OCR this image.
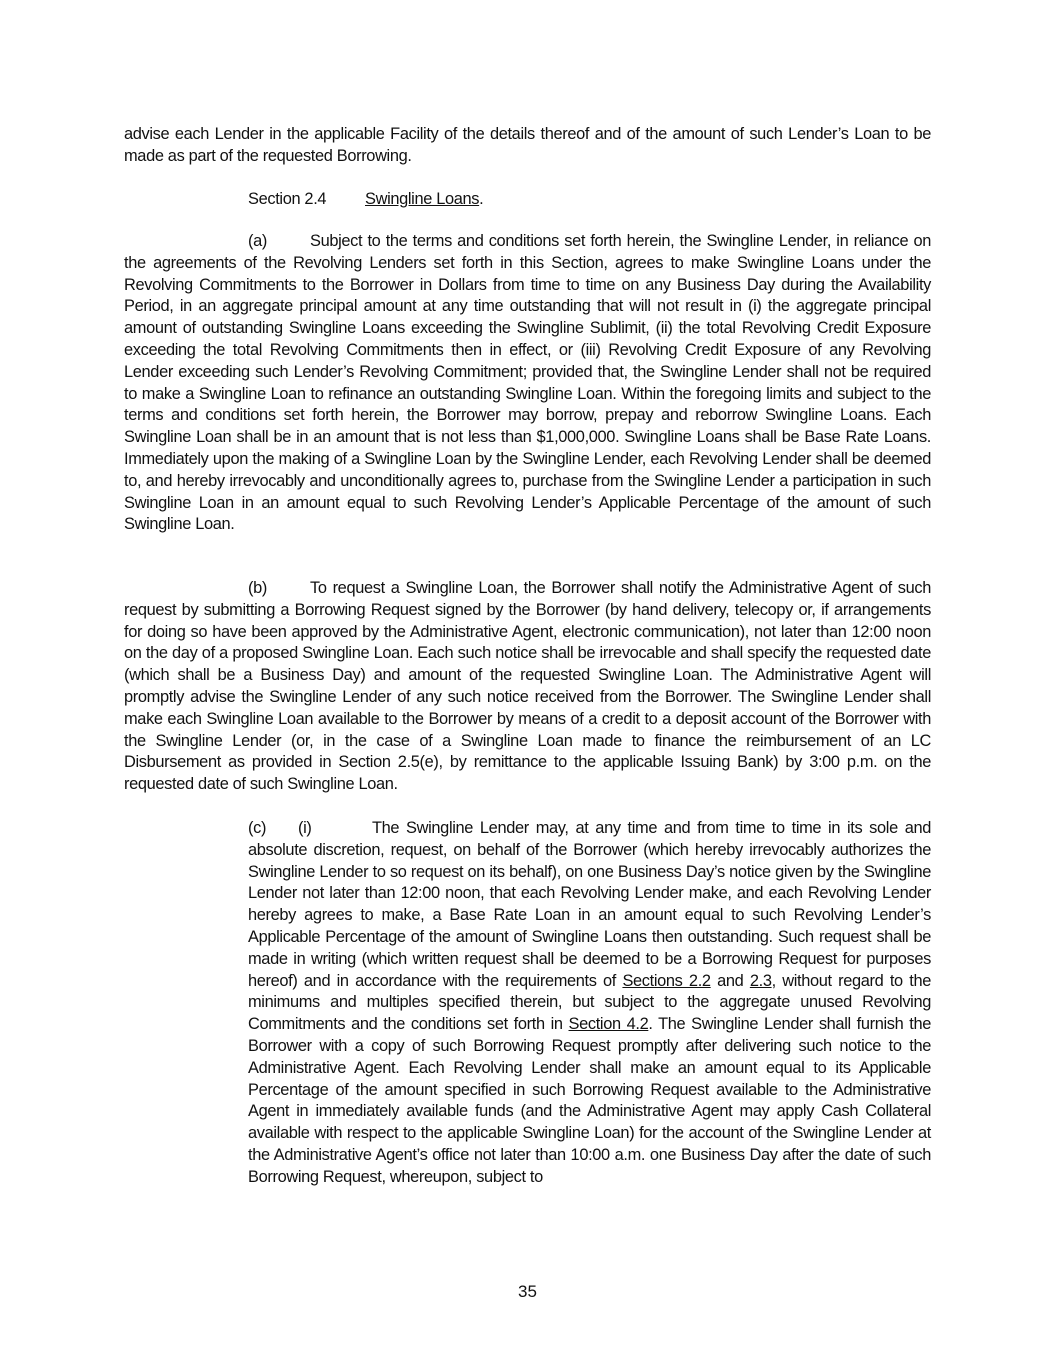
advise each Lender in the applicable Facility of the details thereof and of the amount of such Lender’s Loan to be made as part of the requested Borrowing.

Section 2.4 Swingline Loans.

(a)	Subject to the terms and conditions set forth herein, the Swingline Lender, in reliance on the agreements of the Revolving Lenders set forth in this Section, agrees to make Swingline Loans under the Revolving Commitments to the Borrower in Dollars from time to time on any Business Day during the Availability Period, in an aggregate principal amount at any time outstanding that will not result in (i) the aggregate principal amount of outstanding Swingline Loans exceeding the Swingline Sublimit, (ii) the total Revolving Credit Exposure exceeding the total Revolving Commitments then in effect, or (iii) Revolving Credit Exposure of any Revolving Lender exceeding such Lender’s Revolving Commitment; provided that, the Swingline Lender shall not be required to make a Swingline Loan to refinance an outstanding Swingline Loan. Within the foregoing limits and subject to the terms and conditions set forth herein, the Borrower may borrow, prepay and reborrow Swingline Loans. Each Swingline Loan shall be in an amount that is not less than $1,000,000. Swingline Loans shall be Base Rate Loans. Immediately upon the making of a Swingline Loan by the Swingline Lender, each Revolving Lender shall be deemed to, and hereby irrevocably and unconditionally agrees to, purchase from the Swingline Lender a participation in such Swingline Loan in an amount equal to such Revolving Lender’s Applicable Percentage of the amount of such Swingline Loan.

(b)	To request a Swingline Loan, the Borrower shall notify the Administrative Agent of such request by submitting a Borrowing Request signed by the Borrower (by hand delivery, telecopy or, if arrangements for doing so have been approved by the Administrative Agent, electronic communication), not later than 12:00 noon on the day of a proposed Swingline Loan. Each such notice shall be irrevocable and shall specify the requested date (which shall be a Business Day) and amount of the requested Swingline Loan. The Administrative Agent will promptly advise the Swingline Lender of any such notice received from the Borrower. The Swingline Lender shall make each Swingline Loan available to the Borrower by means of a credit to a deposit account of the Borrower with the Swingline Lender (or, in the case of a Swingline Loan made to finance the reimbursement of an LC Disbursement as provided in Section 2.5(e), by remittance to the applicable Issuing Bank) by 3:00 p.m. on the requested date of such Swingline Loan.

(c) (i)	The Swingline Lender may, at any time and from time to time in its sole and absolute discretion, request, on behalf of the Borrower (which hereby irrevocably authorizes the Swingline Lender to so request on its behalf), on one Business Day’s notice given by the Swingline Lender not later than 12:00 noon, that each Revolving Lender make, and each Revolving Lender hereby agrees to make, a Base Rate Loan in an amount equal to such Revolving Lender’s Applicable Percentage of the amount of Swingline Loans then outstanding. Such request shall be made in writing (which written request shall be deemed to be a Borrowing Request for purposes hereof) and in accordance with the requirements of Sections 2.2 and 2.3, without regard to the minimums and multiples specified therein, but subject to the aggregate unused Revolving Commitments and the conditions set forth in Section 4.2. The Swingline Lender shall furnish the Borrower with a copy of such Borrowing Request promptly after delivering such notice to the Administrative Agent. Each Revolving Lender shall make an amount equal to its Applicable Percentage of the amount specified in such Borrowing Request available to the Administrative Agent in immediately available funds (and the Administrative Agent may apply Cash Collateral available with respect to the applicable Swingline Loan) for the account of the Swingline Lender at the Administrative Agent’s office not later than 10:00 a.m. one Business Day after the date of such Borrowing Request, whereupon, subject to

35
